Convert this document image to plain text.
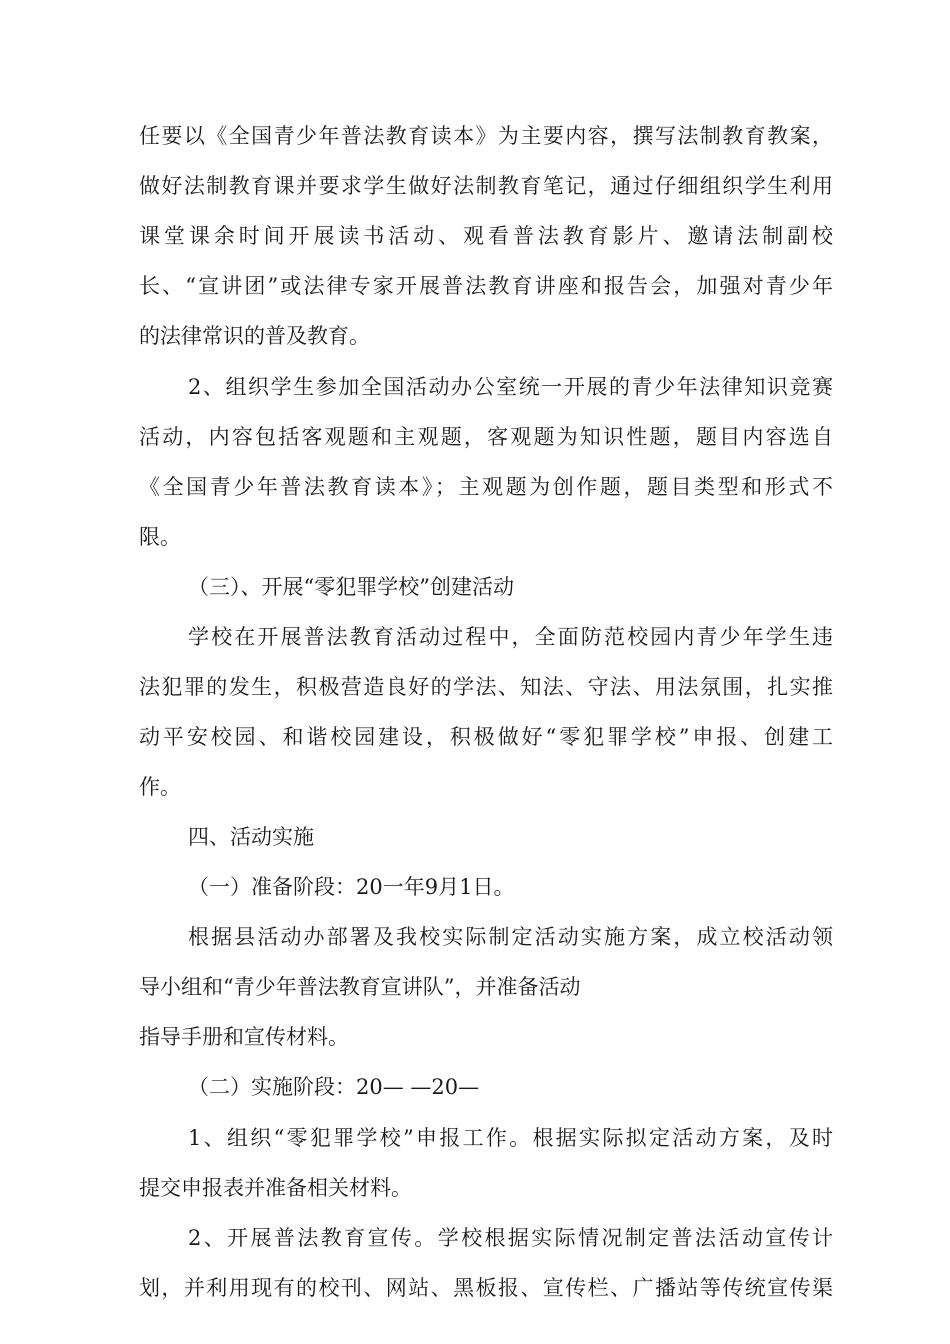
任要以《全国青少年普法教育读本》为主要内容，撰写法制教育教案，
做好法制教育课并要求学生做好法制教育笔记，通过仔细组织学生利用
课堂课余时间开展读书活动、观看普法教育影片、邀请法制副校
长、“宣讲团”或法律专家开展普法教育讲座和报告会，加强对青少年
的法律常识的普及教育。
2、组织学生参加全国活动办公室统一开展的青少年法律知识竞赛
活动，内容包括客观题和主观题，客观题为知识性题，题目内容选自
《全国青少年普法教育读本》；主观题为创作题，题目类型和形式不
限。
（三）、开展“零犯罪学校”创建活动
学校在开展普法教育活动过程中，全面防范校园内青少年学生违
法犯罪的发生，积极营造良好的学法、知法、守法、用法氛围，扎实推
动平安校园、和谐校园建设，积极做好“零犯罪学校”申报、创建工
作。
四、活动实施
（一）准备阶段：20一年9月1日。
根据县活动办部署及我校实际制定活动实施方案，成立校活动领
导小组和“青少年普法教育宣讲队”，并准备活动
指导手册和宣传材料。
（二）实施阶段：20— —20—
1、组织“零犯罪学校”申报工作。根据实际拟定活动方案，及时
提交申报表并准备相关材料。
2、开展普法教育宣传。学校根据实际情况制定普法活动宣传计
划，并利用现有的校刊、网站、黑板报、宣传栏、广播站等传统宣传渠
